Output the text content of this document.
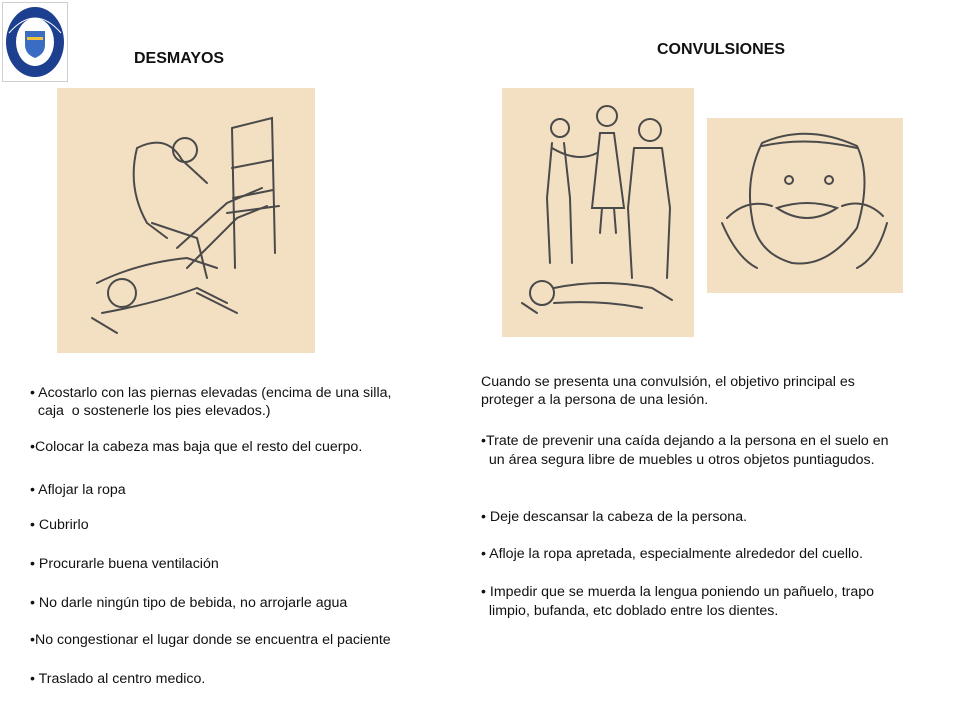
DESMAYOS
CONVULSIONES
• Acostarlo con las piernas elevadas (encima de una silla,
caja  o sostenerle los pies elevados.)
•Colocar la cabeza mas baja que el resto del cuerpo.
• Aflojar la ropa
• Cubrirlo
• Procurarle buena ventilación
• No darle ningún tipo de bebida, no arrojarle agua
•No congestionar el lugar donde se encuentra el paciente
• Traslado al centro medico.

Cuando se presenta una convulsión, el objetivo principal es

proteger a la persona de una lesión.

•Trate de prevenir una caída dejando a la persona en el suelo en
un área segura libre de muebles u otros objetos puntiagudos.
• Deje descansar la cabeza de la persona.
• Afloje la ropa apretada, especialmente alrededor del cuello.
• Impedir que se muerda la lengua poniendo un pañuelo, trapo
limpio, bufanda, etc doblado entre los dientes.
